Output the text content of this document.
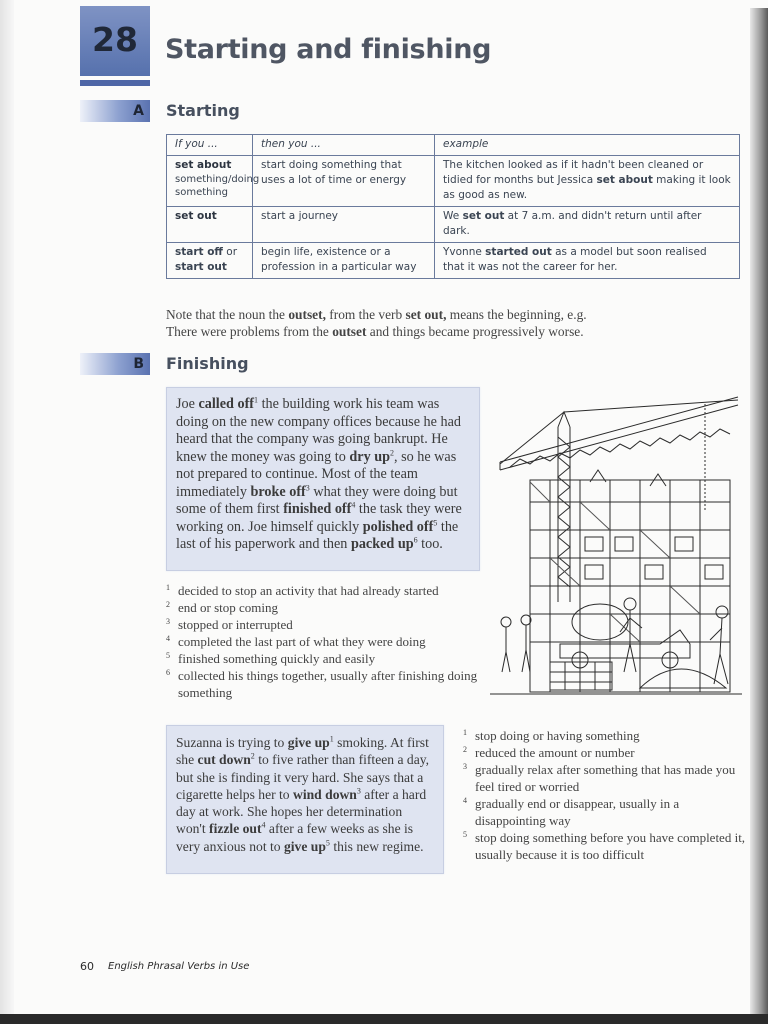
28	Starting and finishing
A Starting
If you ...	then you ...	example

set about
something/doing something	start doing something that uses a lot of time or energy	The kitchen looked as if it hadn't been cleaned or tidied for months but Jessica set about making it look as good as new.

set out	start a journey	We set out at 7 a.m. and didn't return until after dark.
start off or start out	begin life, existence or a profession in a particular way	Yvonne started out as a model but soon realised that it was not the career for her.
Note that the noun the outset, from the verb set out, means the beginning, e.g.
There were problems from the outset and things became progressively worse.
B Finishing
Joe called off$^1$ the building work his team was doing on the new company offices because he had heard that the company was going bankrupt. He knew the money was going to dry $up^2$, so he was not prepared to continue. Most of the team immediately broke off$^3$ what they were doing but some of them first finished off$^4$ the task they were working on. Joe himself quickly polished off$^5$ the last of his paperwork and then packed $up^6$ too.
1 decided to stop an activity that had already started
2 end or stop coming
3 stopped or interrupted
4 completed the last part of what they were doing
5 finished something quickly and easily
6 collected his things together, usually after finishing doing something
Suzanna is trying to give $up^1$ smoking. At first she cut down$^2$ to five rather than fifteen a day, but she is finding it very hard. She says that a cigarette helps her to wind down$^3$ after a hard day at work. She hopes her determination won't fizzle out$^4$ after a few weeks as she is very anxious not to give $up^5$ this new regime.
1 stop doing or having something
2 reduced the amount or number
3 gradually relax after something that has made you feel tired or worried
4 gradually end or disappear, usually in a disappointing way
5 stop doing something before you have completed it, usually because it is too difficult
60 English Phrasal Verbs in Use
